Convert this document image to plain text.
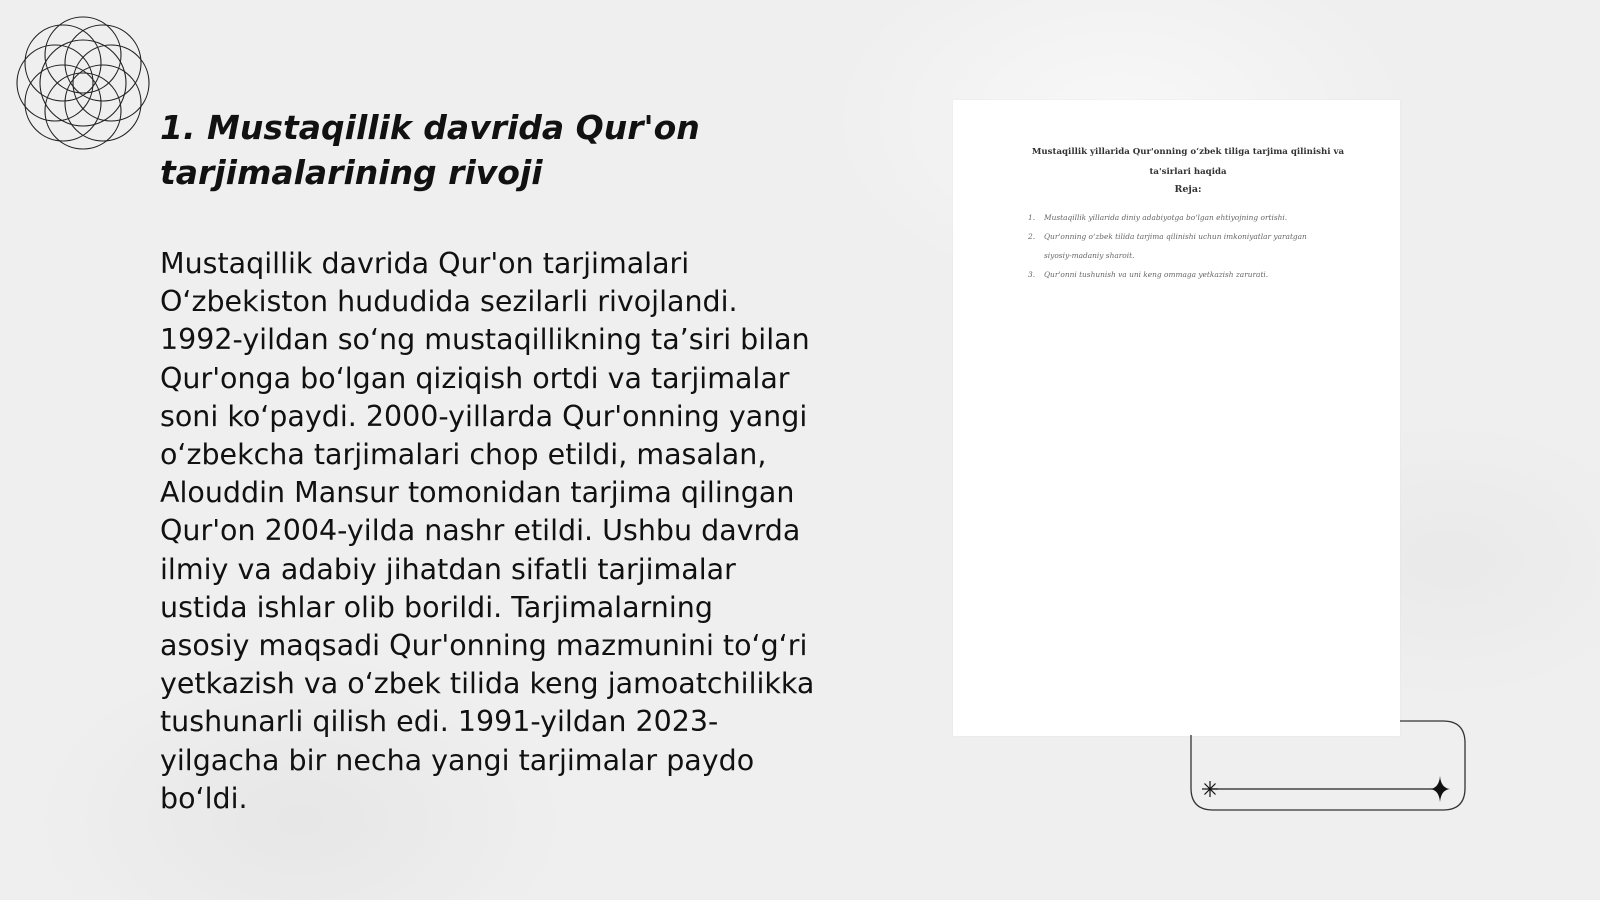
1. Mustaqillik davrida Qur'on
tarjimalarining rivoji
Mustaqillik davrida Qur'on tarjimalari
O‘zbekiston hududida sezilarli rivojlandi.
1992-yildan so‘ng mustaqillikning ta’siri bilan
Qur'onga bo‘lgan qiziqish ortdi va tarjimalar
soni ko‘paydi. 2000-yillarda Qur'onning yangi
o‘zbekcha tarjimalari chop etildi, masalan,
Alouddin Mansur tomonidan tarjima qilingan
Qur'on 2004-yilda nashr etildi. Ushbu davrda
ilmiy va adabiy jihatdan sifatli tarjimalar
ustida ishlar olib borildi. Tarjimalarning
asosiy maqsadi Qur'onning mazmunini to‘g‘ri
yetkazish va o‘zbek tilida keng jamoatchilikka
tushunarli qilish edi. 1991-yildan 2023-
yilgacha bir necha yangi tarjimalar paydo
bo‘ldi.
Mustaqillik yillarida Qur'onning o‘zbek tiliga tarjima qilinishi va
ta'sirlari haqida
Reja:
1. Mustaqillik yillarida diniy adabiyotga bo‘lgan ehtiyojning ortishi.
2. Qur'onning o‘zbek tilida tarjima qilinishi uchun imkoniyatlar yaratgan
siyosiy-madaniy sharoit.
3. Qur'onni tushunish va uni keng ommaga yetkazish zarurati.
